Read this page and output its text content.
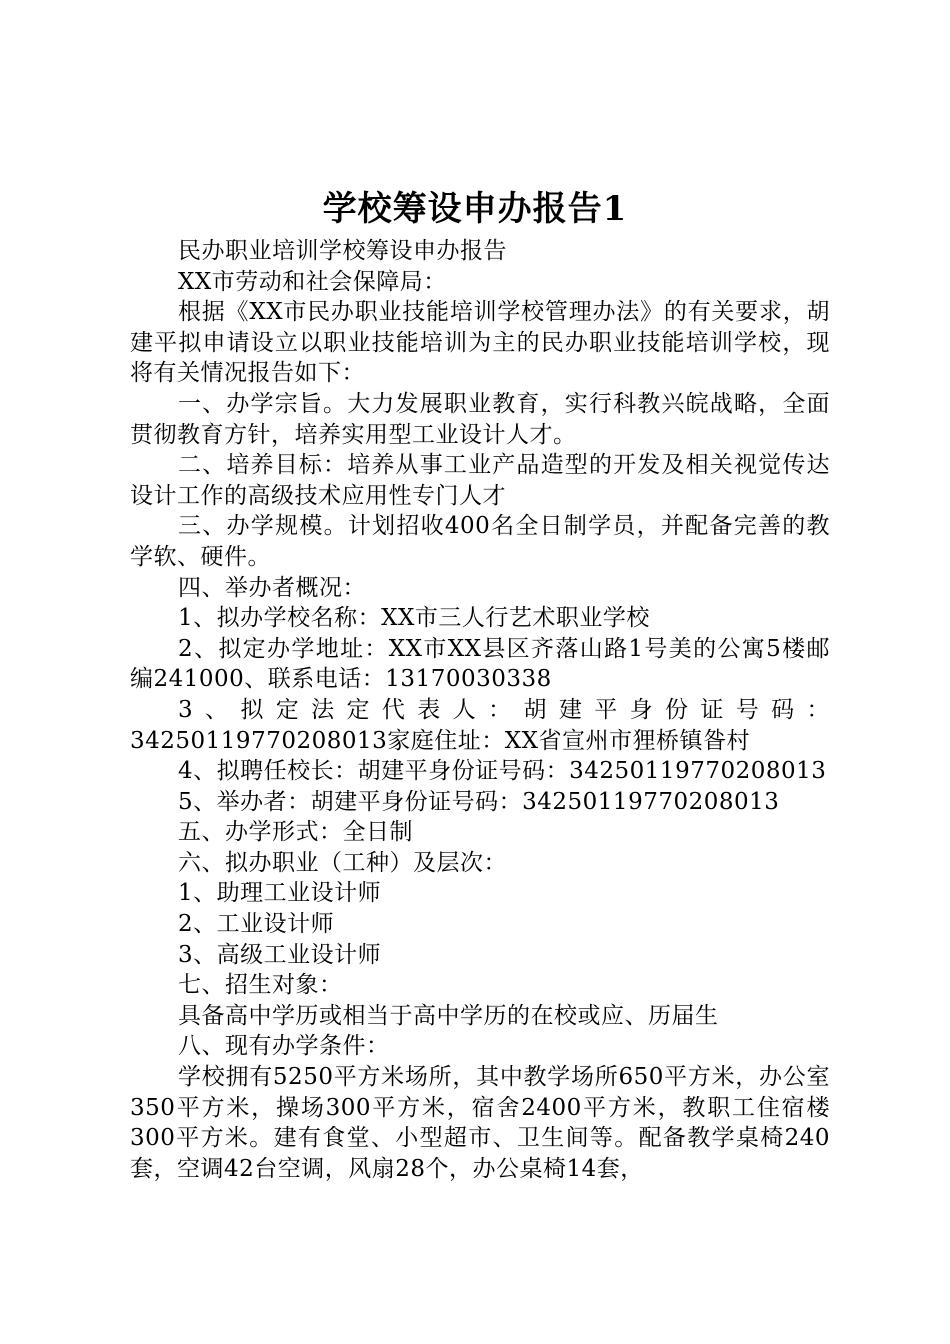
学校筹设申办报告1

民办职业培训学校筹设申办报告

XX市劳动和社会保障局：

根据《XX市民办职业技能培训学校管理办法》的有关要求，胡建平拟申请设立以职业技能培训为主的民办职业技能培训学校，现将有关情况报告如下：

一、办学宗旨。大力发展职业教育，实行科教兴皖战略，全面贯彻教育方针，培养实用型工业设计人才。

二、培养目标：培养从事工业产品造型的开发及相关视觉传达设计工作的高级技术应用性专门人才

三、办学规模。计划招收400名全日制学员，并配备完善的教学软、硬件。

四、举办者概况：

1、拟办学校名称：XX市三人行艺术职业学校

2、拟定办学地址：XX市XX县区齐落山路1号美的公寓5楼邮编241000、联系电话：13170030338

3、拟定法定代表人：胡建平身份证号码：34250119770208013家庭住址：XX省宣州市狸桥镇昝村

4、拟聘任校长：胡建平身份证号码：34250119770208013

5、举办者：胡建平身份证号码：34250119770208013

五、办学形式：全日制

六、拟办职业（工种）及层次：

1、助理工业设计师

2、工业设计师

3、高级工业设计师

七、招生对象：

具备高中学历或相当于高中学历的在校或应、历届生

八、现有办学条件：

学校拥有5250平方米场所，其中教学场所650平方米，办公室350平方米，操场300平方米，宿舍2400平方米，教职工住宿楼300平方米。建有食堂、小型超市、卫生间等。配备教学桌椅240套，空调42台空调，风扇28个，办公桌椅14套，
